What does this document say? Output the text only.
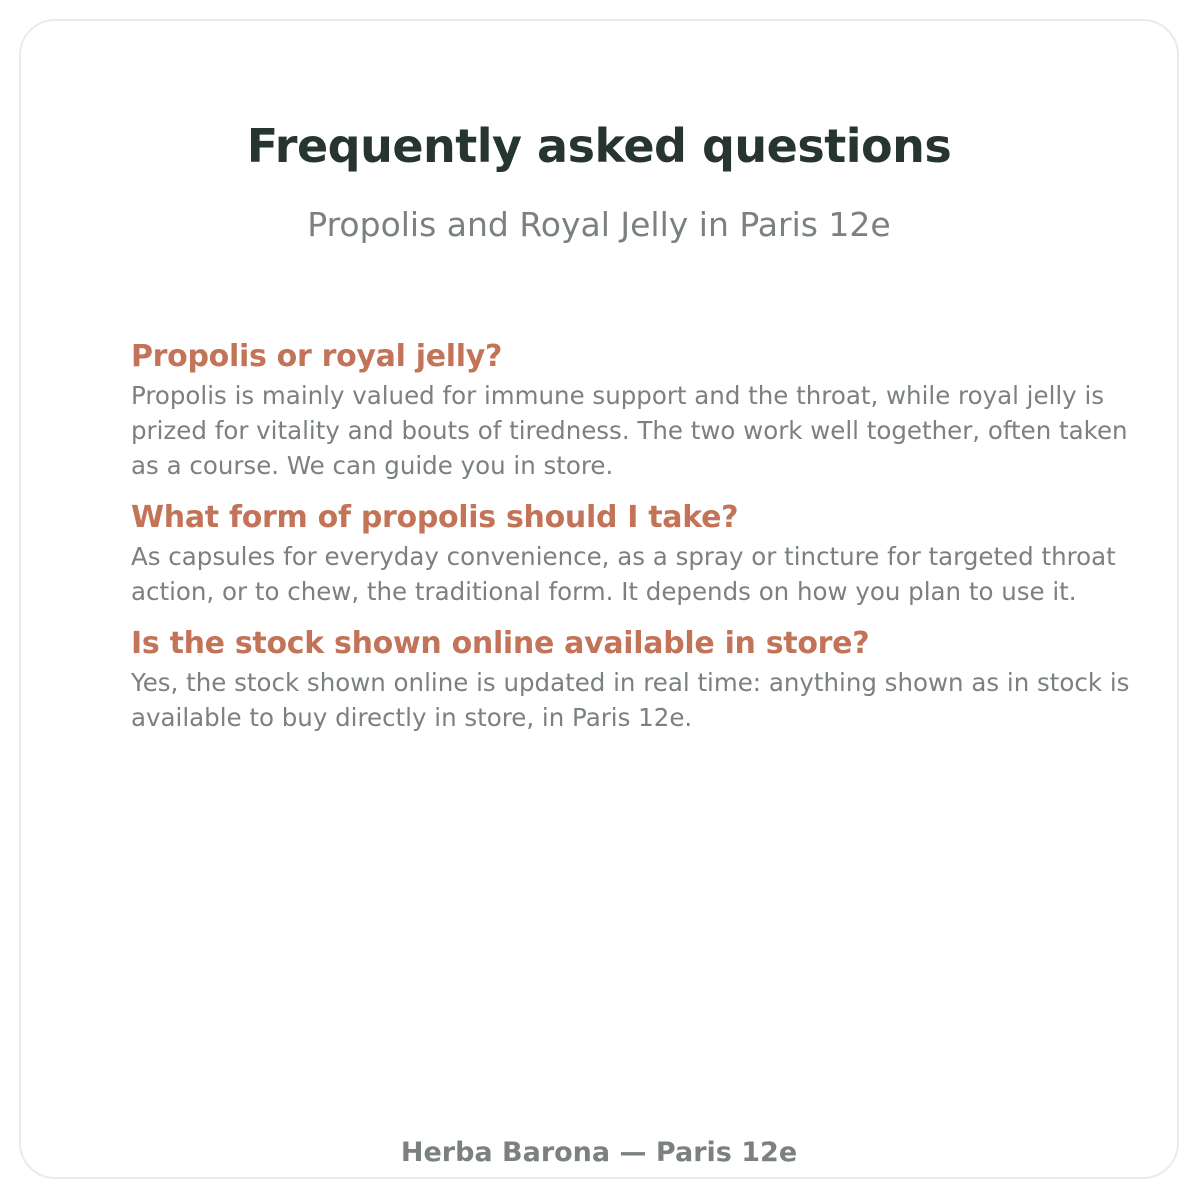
Frequently asked questions

Propolis and Royal Jelly in Paris 12e

Propolis or royal jelly?

Propolis is mainly valued for immune support and the throat, while royal jelly is prized for vitality and bouts of tiredness. The two work well together, often taken as a course. We can guide you in store.

What form of propolis should I take?

As capsules for everyday convenience, as a spray or tincture for targeted throat action, or to chew, the traditional form. It depends on how you plan to use it.

Is the stock shown online available in store?

Yes, the stock shown online is updated in real time: anything shown as in stock is available to buy directly in store, in Paris 12e.

Herba Barona — Paris 12e
